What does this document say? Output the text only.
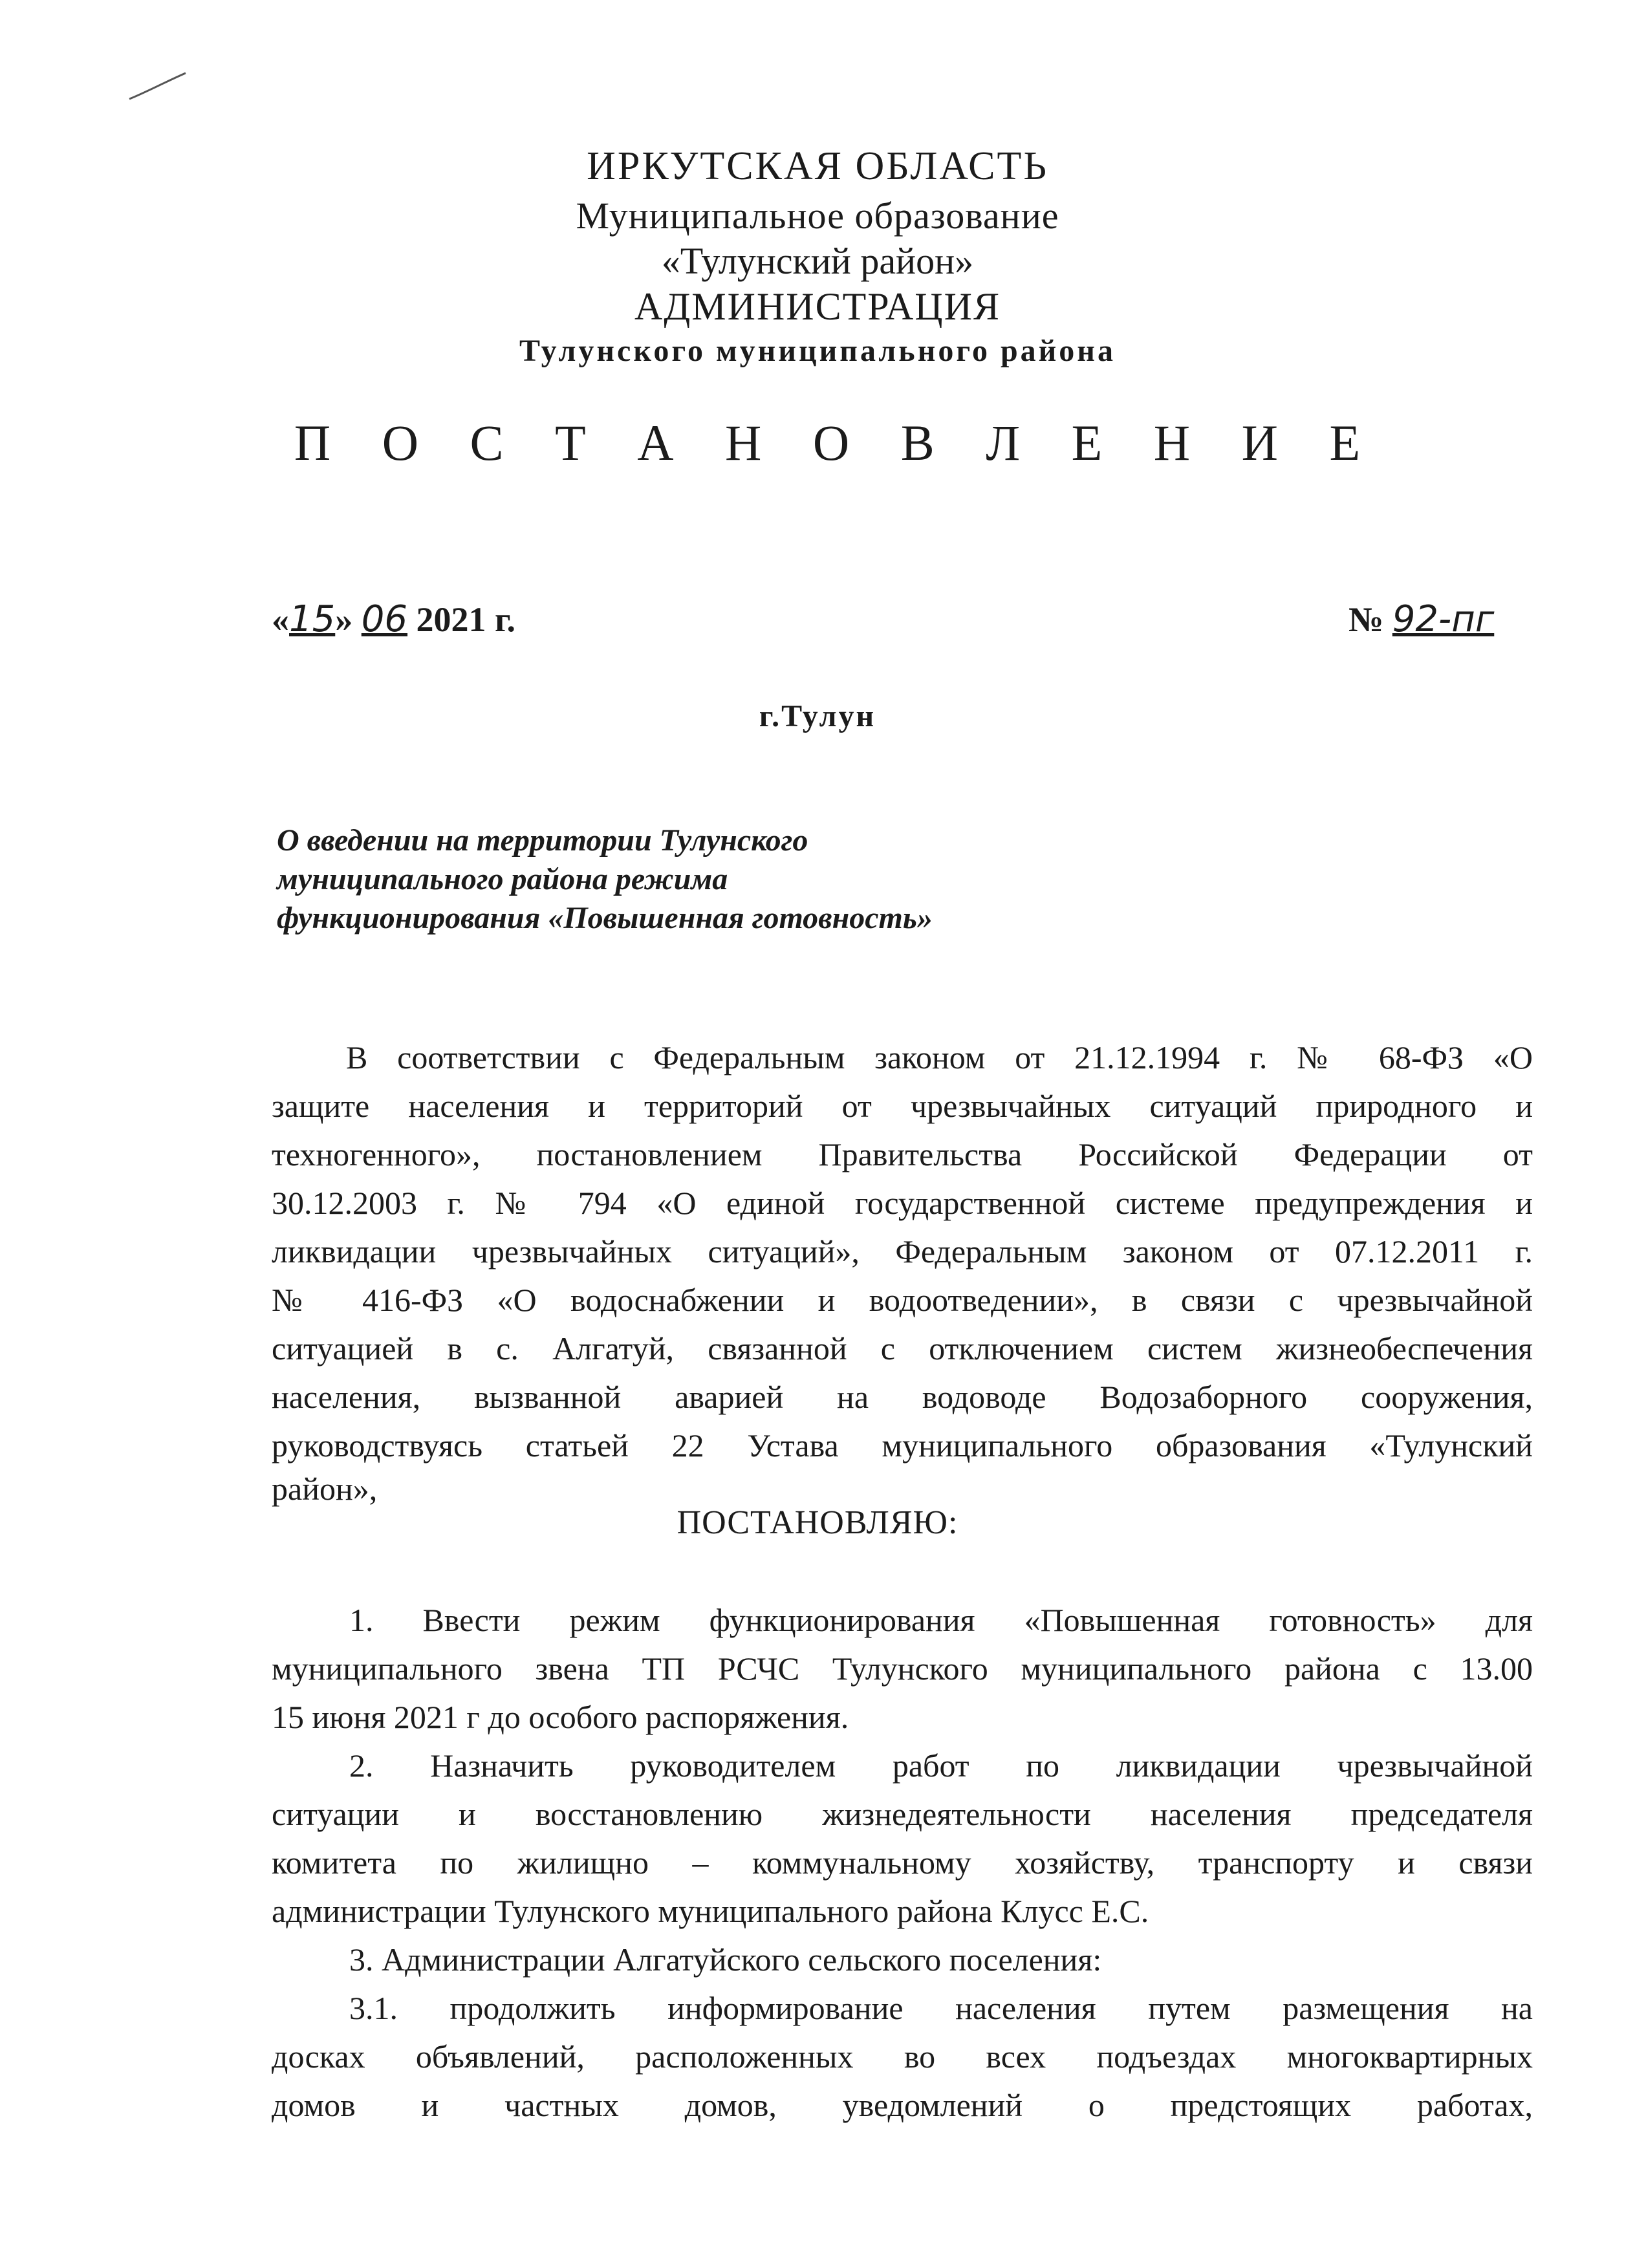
ИРКУТСКАЯ ОБЛАСТЬ
Муниципальное образование
«Тулунский район»
АДМИНИСТРАЦИЯ
Тулунского муниципального района
П О С Т А Н О В Л Е Н И Е
«15» 06 2021 г.	№ 92-пг
г.Тулун
О введении на территории Тулунского
муниципального района режима
функционирования «Повышенная готовность»
В соответствии с Федеральным законом от 21.12.1994 г. № 68-ФЗ «О
защите населения и территорий от чрезвычайных ситуаций природного и
техногенного», постановлением Правительства Российской Федерации от
30.12.2003 г. № 794 «О единой государственной системе предупреждения и
ликвидации чрезвычайных ситуаций», Федеральным законом от 07.12.2011 г.
№ 416-ФЗ «О водоснабжении и водоотведении», в связи с чрезвычайной
ситуацией в с. Алгатуй, связанной с отключением систем жизнеобеспечения
населения, вызванной аварией на водоводе Водозаборного сооружения,
руководствуясь статьей 22 Устава муниципального образования «Тулунский
район»,
ПОСТАНОВЛЯЮ:
1. Ввести режим функционирования «Повышенная готовность» для
муниципального звена ТП РСЧС Тулунского муниципального района с 13.00
15 июня 2021 г до особого распоряжения.
2. Назначить руководителем работ по ликвидации чрезвычайной
ситуации и восстановлению жизнедеятельности населения председателя
комитета по жилищно – коммунальному хозяйству, транспорту и связи
администрации Тулунского муниципального района Клусс Е.С.
3. Администрации Алгатуйского сельского поселения:
3.1. продолжить информирование населения путем размещения на
досках объявлений, расположенных во всех подъездах многоквартирных
домов и частных домов, уведомлений о предстоящих работах,
